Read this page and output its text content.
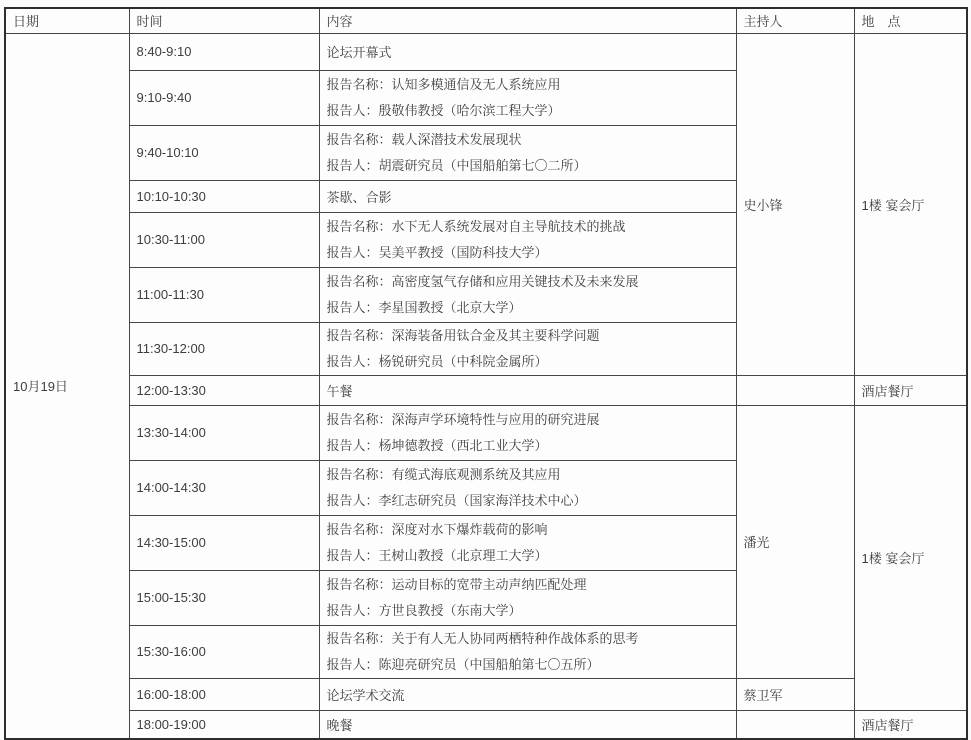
日期	时间	内容	主持人	地　点
10月19日	8:40-9:10	论坛开幕式	史小锋	1楼 宴会厅
	9:10-9:40	报告名称：认知多模通信及无人系统应用
报告人：殷敬伟教授（哈尔滨工程大学）		

	9:40-10:10	报告名称：载人深潜技术发展现状
报告人：胡震研究员（中国船舶第七〇二所）		

	10:10-10:30	茶歇、合影		
	10:30-11:00	报告名称：水下无人系统发展对自主导航技术的挑战
报告人：吴美平教授（国防科技大学）		

	11:00-11:30	报告名称：高密度氢气存储和应用关键技术及未来发展
报告人：李星国教授（北京大学）		

	11:30-12:00	报告名称：深海装备用钛合金及其主要科学问题
报告人：杨锐研究员（中科院金属所）		

	12:00-13:30	午餐		酒店餐厅
	13:30-14:00	报告名称：深海声学环境特性与应用的研究进展
报告人：杨坤德教授（西北工业大学）	潘光	1楼 宴会厅
	14:00-14:30	报告名称：有缆式海底观测系统及其应用
报告人：李红志研究员（国家海洋技术中心）		

	14:30-15:00	报告名称：深度对水下爆炸载荷的影响
报告人：王树山教授（北京理工大学）		

	15:00-15:30	报告名称：运动目标的宽带主动声纳匹配处理
报告人：方世良教授（东南大学）		

	15:30-16:00	报告名称：关于有人无人协同两栖特种作战体系的思考
报告人：陈迎亮研究员（中国船舶第七〇五所）		

	16:00-18:00	论坛学术交流	蔡卫军	
	18:00-19:00	晚餐		酒店餐厅
